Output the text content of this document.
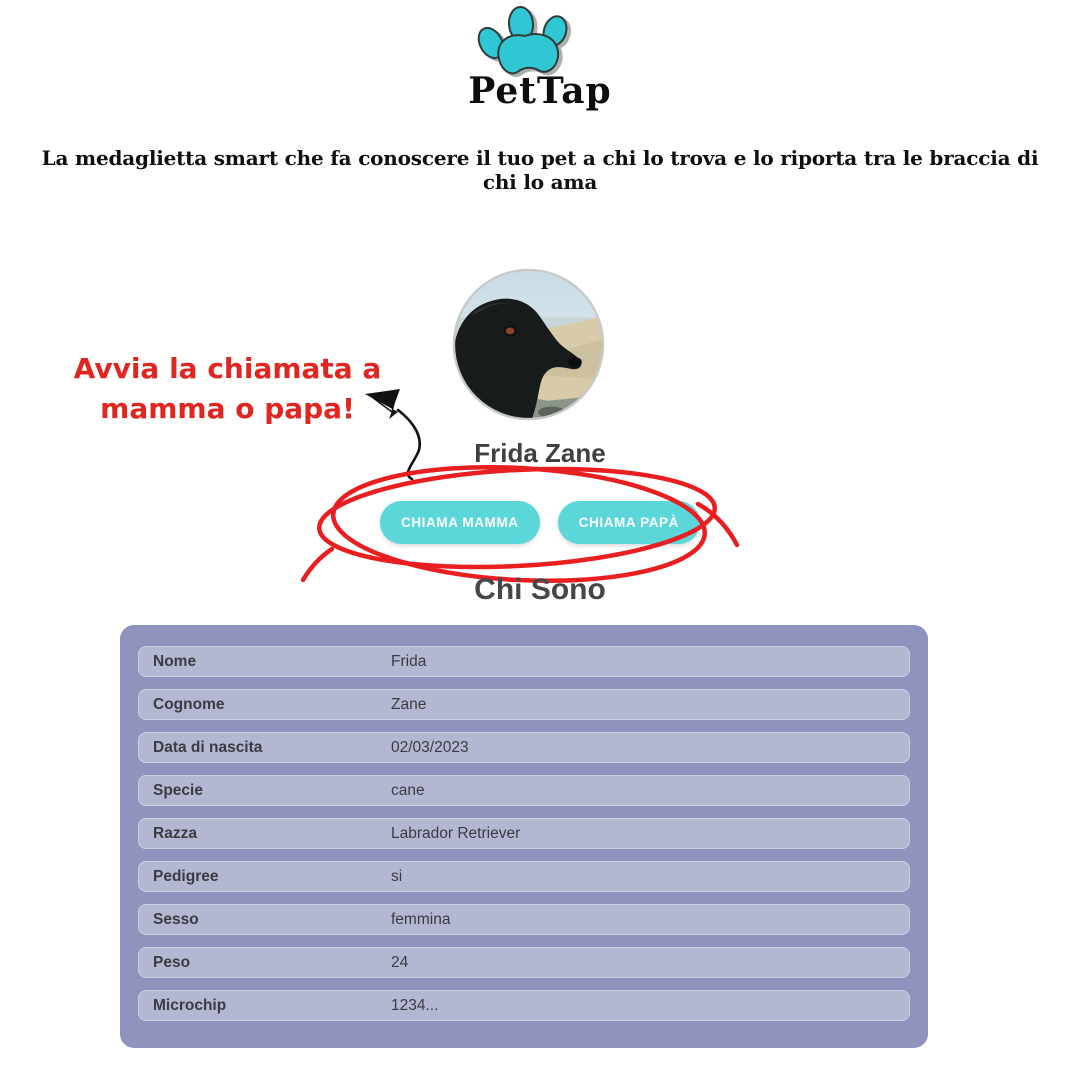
PetTap
La medaglietta smart che fa conoscere il tuo pet a chi lo trova e lo riporta tra le braccia di chi lo ama
Avvia la chiamata a
mamma o papa!
Frida Zane
CHIAMA MAMMA	CHIAMA PAPÀ
Chi Sono
Nome	Frida
Cognome	Zane
Data di nascita	02/03/2023
Specie	cane
Razza	Labrador Retriever
Pedigree	si
Sesso	femmina
Peso	24
Microchip	1234...
